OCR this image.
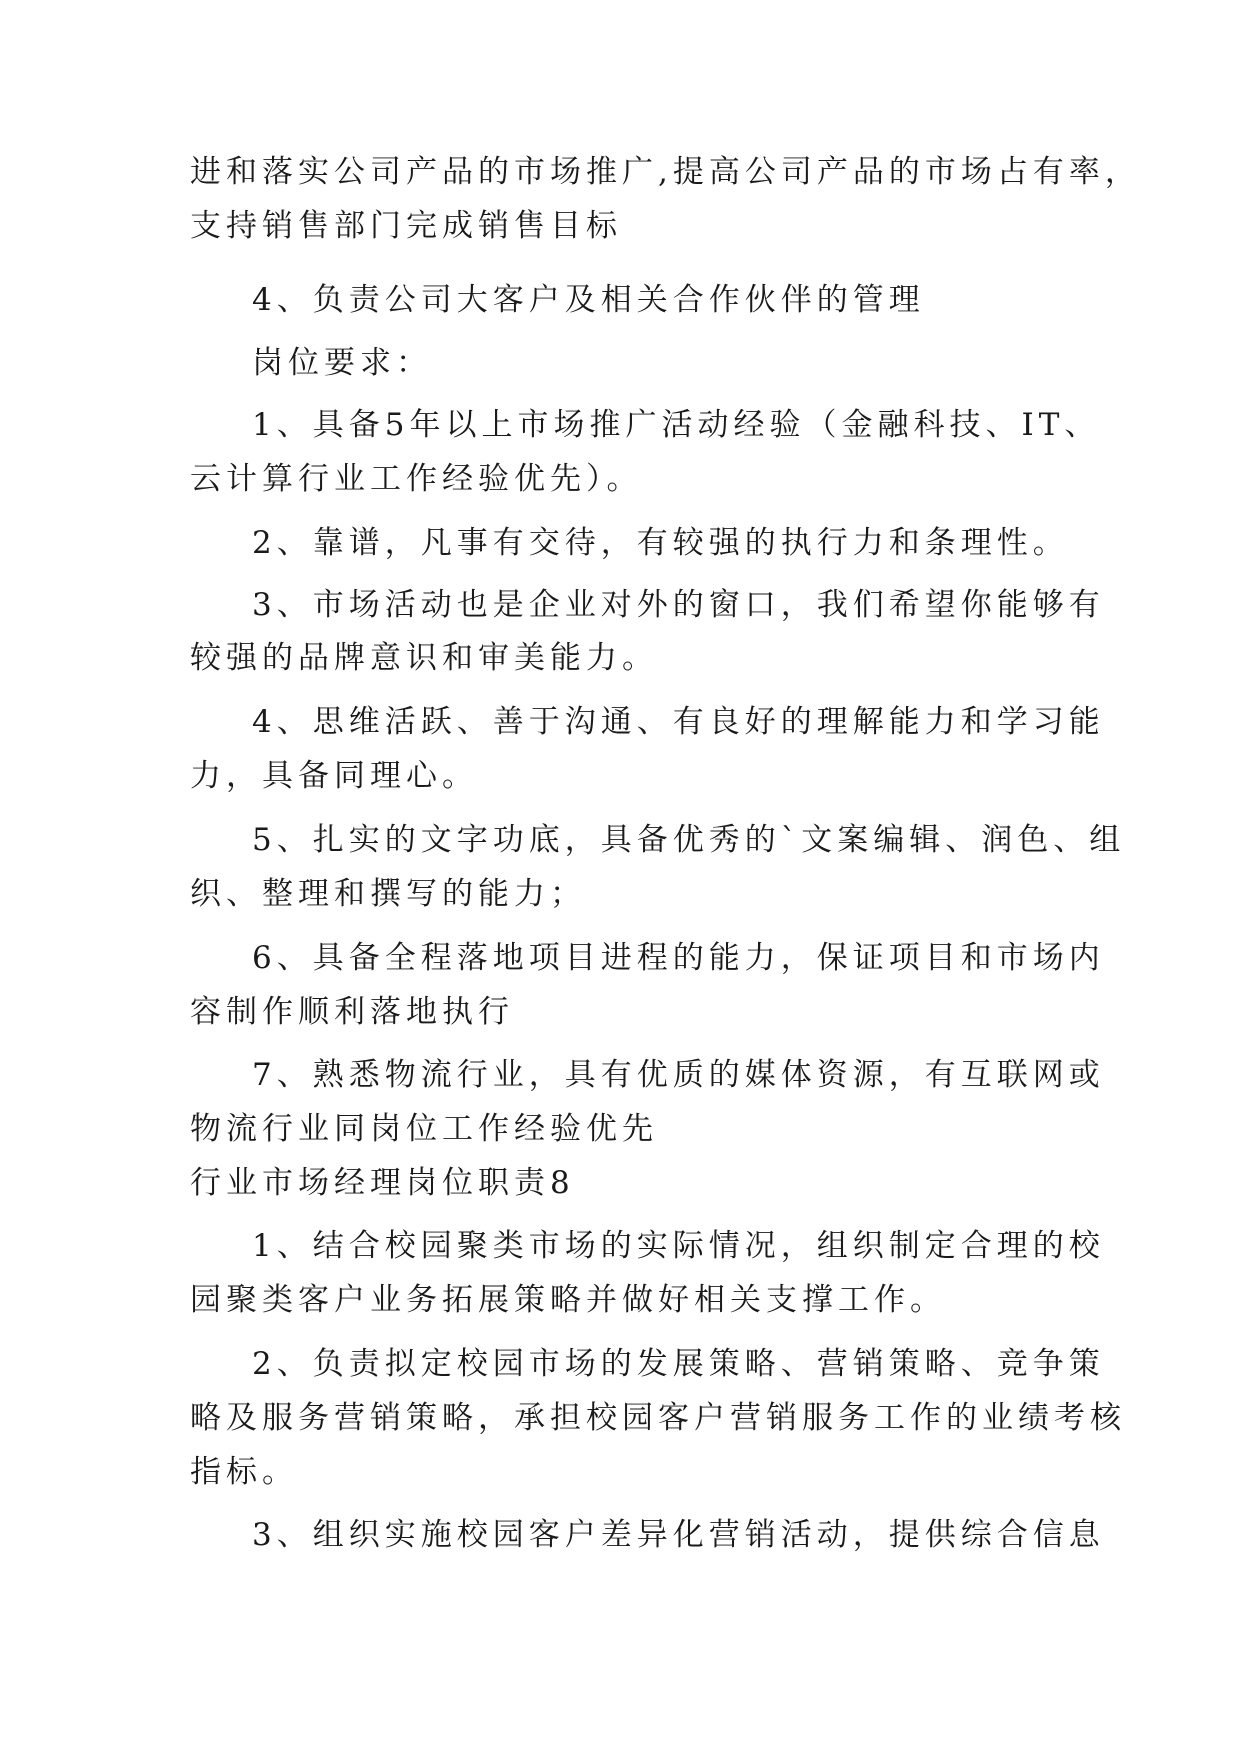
进和落实公司产品的市场推广,提高公司产品的市场占有率，
支持销售部门完成销售目标
4、负责公司大客户及相关合作伙伴的管理
岗位要求：
1、具备5年以上市场推广活动经验（金融科技、IT、
云计算行业工作经验优先）。
2、靠谱，凡事有交待，有较强的执行力和条理性。
3、市场活动也是企业对外的窗口，我们希望你能够有
较强的品牌意识和审美能力。
4、思维活跃、善于沟通、有良好的理解能力和学习能
力，具备同理心。
5、扎实的文字功底，具备优秀的`文案编辑、润色、组
织、整理和撰写的能力；
6、具备全程落地项目进程的能力，保证项目和市场内
容制作顺利落地执行
7、熟悉物流行业，具有优质的媒体资源，有互联网或
物流行业同岗位工作经验优先
行业市场经理岗位职责8
1、结合校园聚类市场的实际情况，组织制定合理的校
园聚类客户业务拓展策略并做好相关支撑工作。
2、负责拟定校园市场的发展策略、营销策略、竞争策
略及服务营销策略，承担校园客户营销服务工作的业绩考核
指标。
3、组织实施校园客户差异化营销活动，提供综合信息
